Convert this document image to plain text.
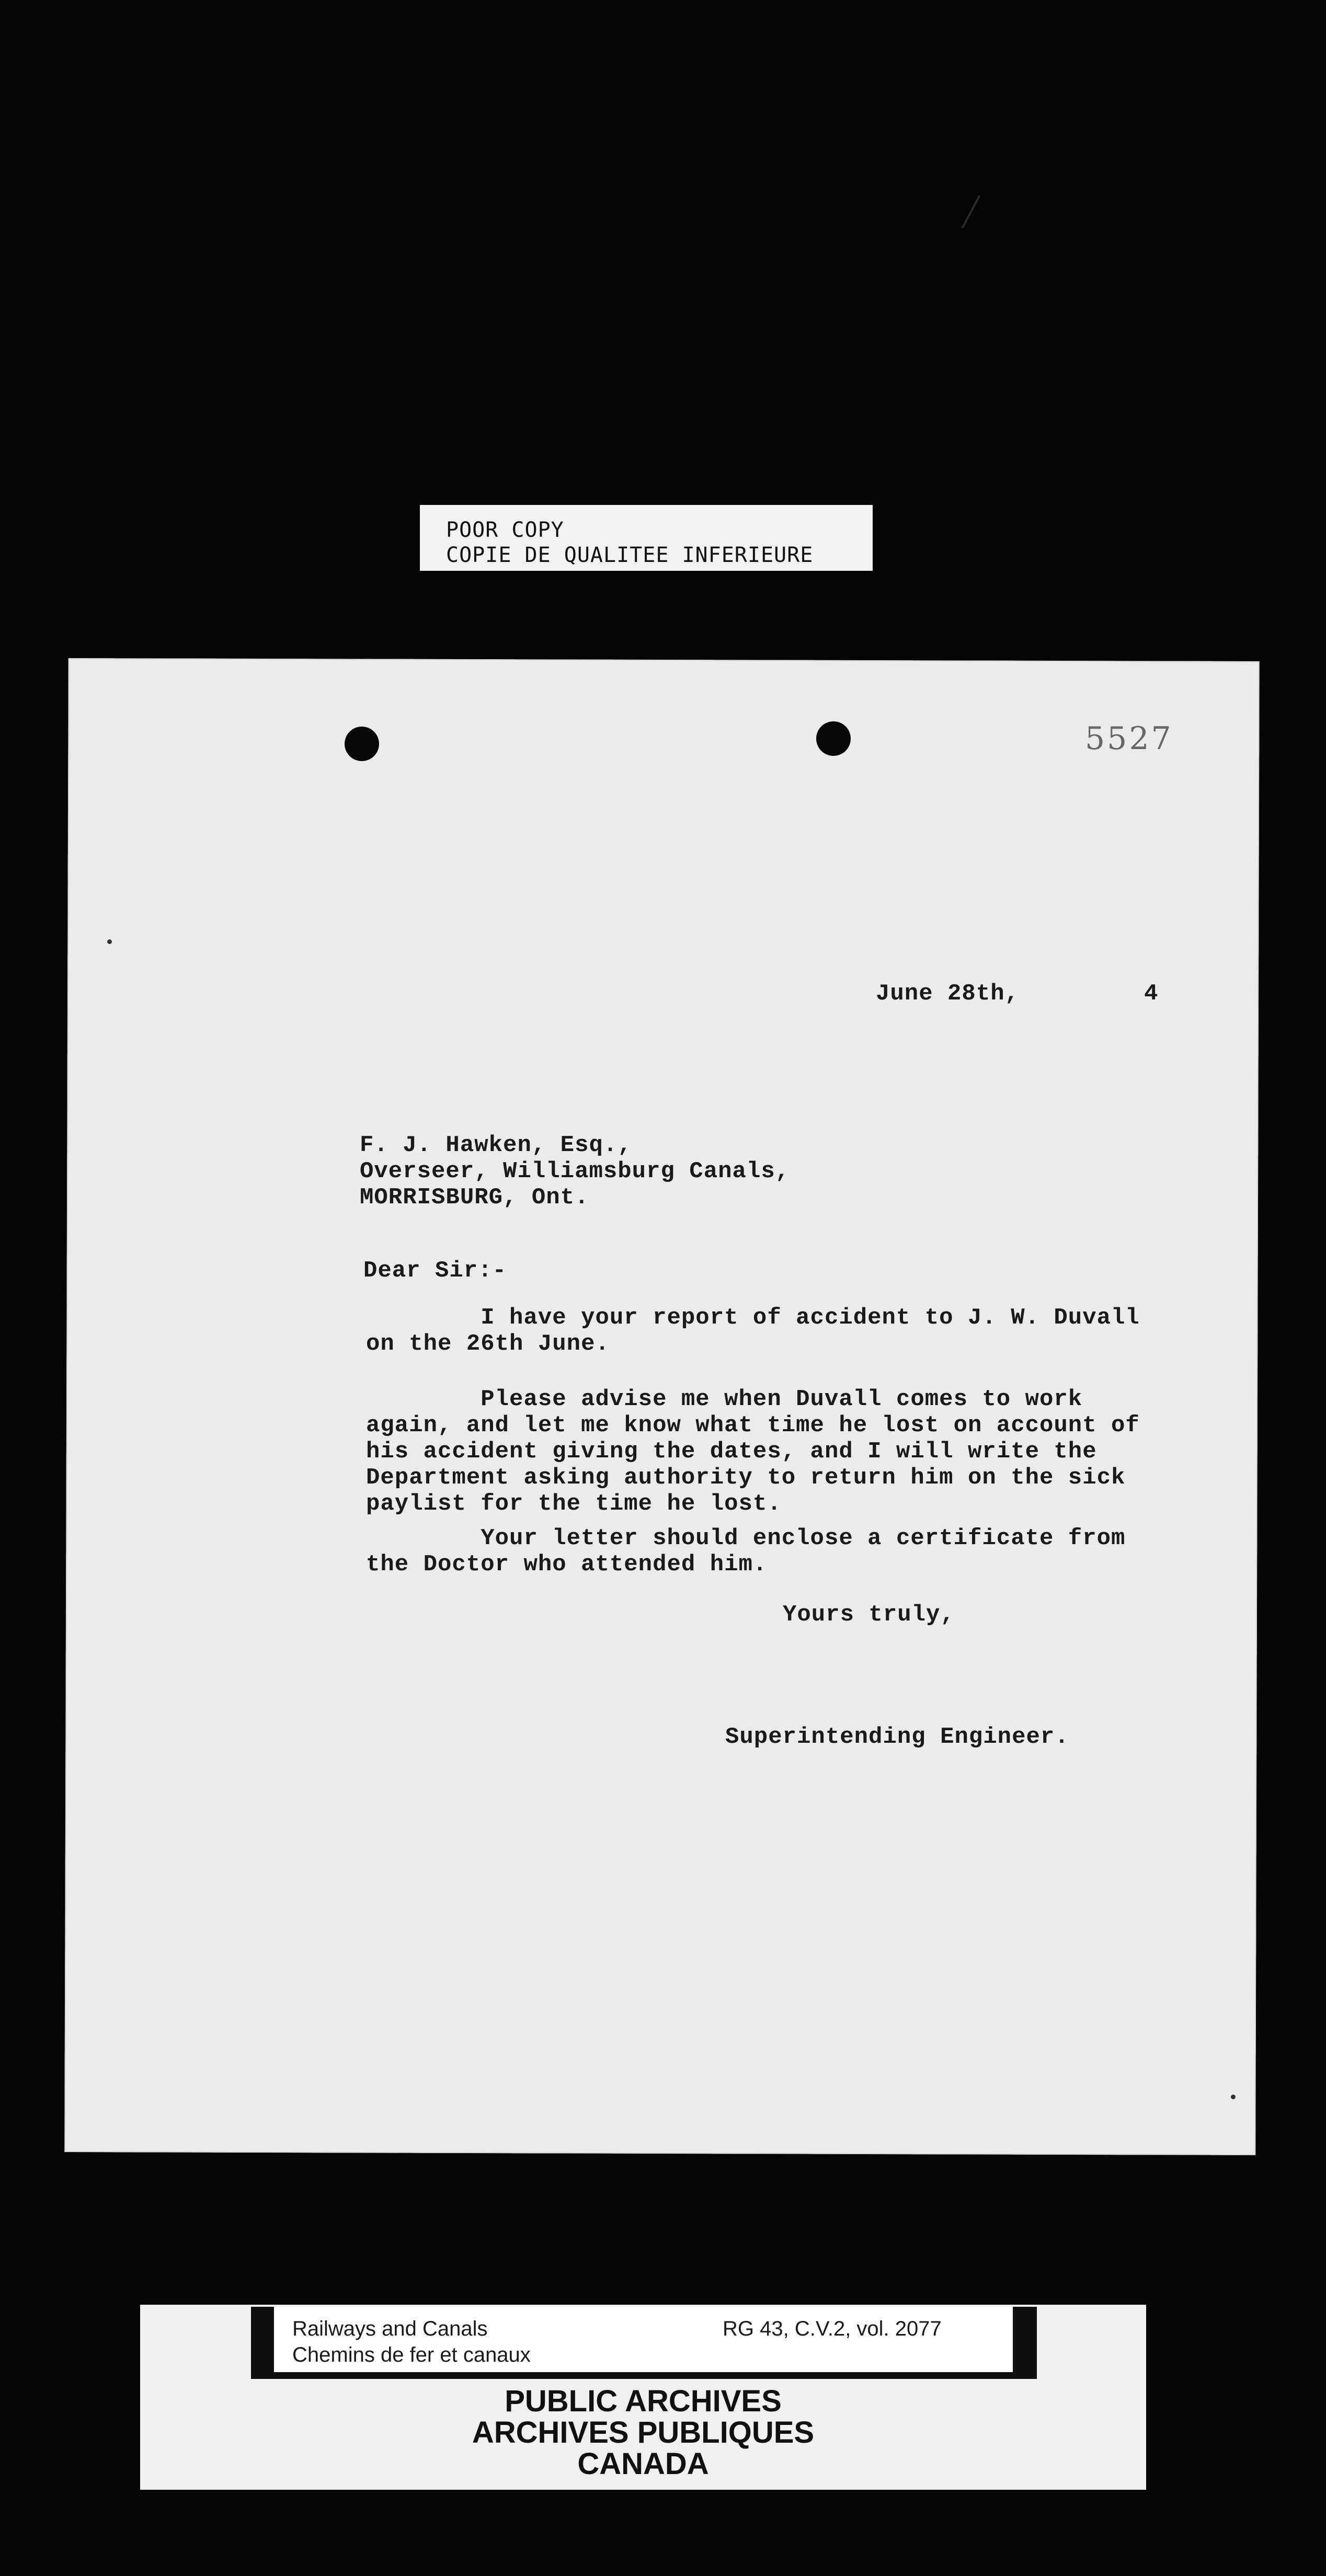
POOR COPY
COPIE DE QUALITEE INFERIEURE
5527
June 28th,	4
F. J. Hawken, Esq.,
Overseer, Williamsburg Canals,
MORRISBURG, Ont.
Dear Sir:-
I have your report of accident to J. W. Duvall
on the 26th June.
Please advise me when Duvall comes to work
again, and let me know what time he lost on account of
his accident giving the dates, and I will write the
Department asking authority to return him on the sick
paylist for the time he lost.
Your letter should enclose a certificate from
the Doctor who attended him.
Yours truly,
Superintending Engineer.
Railways and Canals
Chemins de fer et canaux
RG 43, C.V.2, vol. 2077
PUBLIC ARCHIVES
ARCHIVES PUBLIQUES
CANADA
